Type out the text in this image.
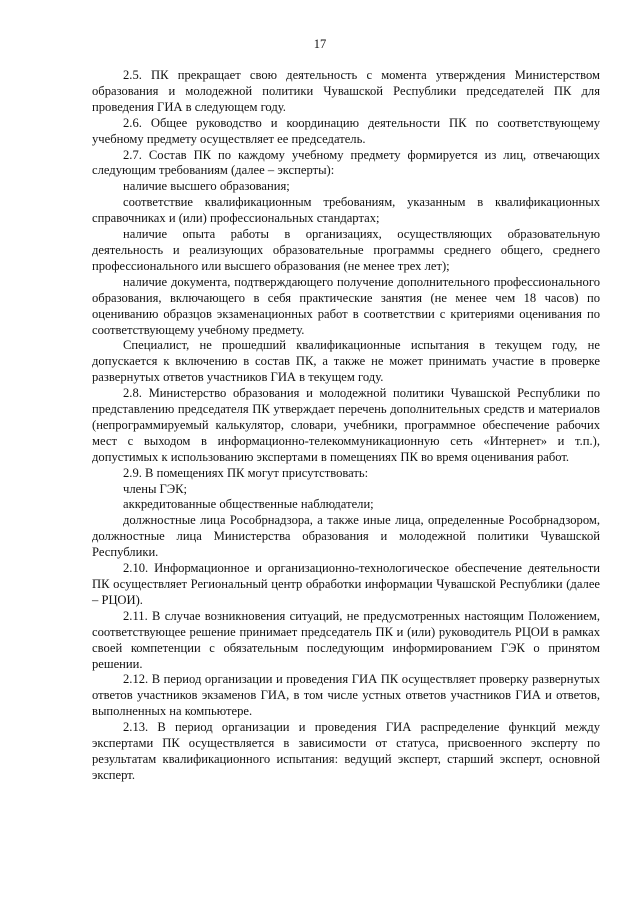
17

2.5. ПК прекращает свою деятельность с момента утверждения Министерством образования и молодежной политики Чувашской Республики председателей ПК для проведения ГИА в следующем году.

2.6. Общее руководство и координацию деятельности ПК по соответствующему учебному предмету осуществляет ее председатель.

2.7. Состав ПК по каждому учебному предмету формируется из лиц, отвечающих следующим требованиям (далее – эксперты):

наличие высшего образования;

соответствие квалификационным требованиям, указанным в квалификационных справочниках и (или) профессиональных стандартах;

наличие опыта работы в организациях, осуществляющих образовательную деятельность и реализующих образовательные программы среднего общего, среднего профессионального или высшего образования (не менее трех лет);

наличие документа, подтверждающего получение дополнительного профессионального образования, включающего в себя практические занятия (не менее чем 18 часов) по оцениванию образцов экзаменационных работ в соответствии с критериями оценивания по соответствующему учебному предмету.

Специалист, не прошедший квалификационные испытания в текущем году, не допускается к включению в состав ПК, а также не может принимать участие в проверке развернутых ответов участников ГИА в текущем году.

2.8. Министерство образования и молодежной политики Чувашской Республики по представлению председателя ПК утверждает перечень дополнительных средств и материалов (непрограммируемый калькулятор, словари, учебники, программное обеспечение рабочих мест с выходом в информационно-телекоммуникационную сеть «Интернет» и т.п.), допустимых к использованию экспертами в помещениях ПК во время оценивания работ.

2.9. В помещениях ПК могут присутствовать:

члены ГЭК;

аккредитованные общественные наблюдатели;

должностные лица Рособрнадзора, а также иные лица, определенные Рособрнадзором, должностные лица Министерства образования и молодежной политики Чувашской Республики.

2.10. Информационное и организационно-технологическое обеспечение деятельности ПК осуществляет Региональный центр обработки информации Чувашской Республики (далее – РЦОИ).

2.11. В случае возникновения ситуаций, не предусмотренных настоящим Положением, соответствующее решение принимает председатель ПК и (или) руководитель РЦОИ в рамках своей компетенции с обязательным последующим информированием ГЭК о принятом решении.

2.12. В период организации и проведения ГИА ПК осуществляет проверку развернутых ответов участников экзаменов ГИА, в том числе устных ответов участников ГИА и ответов, выполненных на компьютере.

2.13. В период организации и проведения ГИА распределение функций между экспертами ПК осуществляется в зависимости от статуса, присвоенного эксперту по результатам квалификационного испытания: ведущий эксперт, старший эксперт, основной эксперт.
